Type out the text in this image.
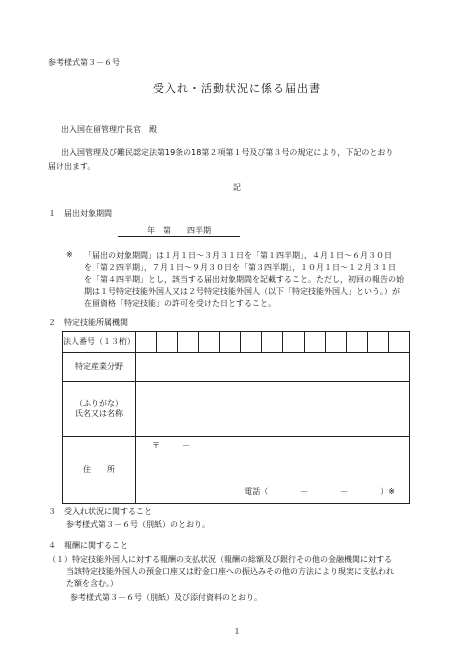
参考様式第３－６号
受入れ・活動状況に係る届出書
出入国在留管理庁長官　殿
出入国管理及び難民認定法第19条の18第２項第１号及び第３号の規定により，下記のとおり
届け出ます。
記
１　届出対象期間
年　第　　四半期
※ 「届出の対象期間」は１月１日～３月３１日を「第１四半期」，４月１日～６月３０日
を「第２四半期」，７月１日～９月３０日を「第３四半期」，１０月１日～１２月３１日
を「第４四半期」とし，該当する届出対象期間を記載すること。ただし，初回の報告の始
期は１号特定技能外国人又は２号特定技能外国人（以下「特定技能外国人」という。）が
在留資格「特定技能」の許可を受けた日とすること。
２　特定技能所属機関
法人番号（１３桁）													
特定産業分野													

（ふりがな）
氏名又は名称													

住　　所	〒 －
電話（　　　　－　　　　－　　　　）※												
３　受入れ状況に関すること
参考様式第３－６号（別紙）のとおり。
４　報酬に関すること
（１）特定技能外国人に対する報酬の支払状況（報酬の総額及び銀行その他の金融機関に対する
当該特定技能外国人の預金口座又は貯金口座への振込みその他の方法により現実に支払われ
た額を含む。）
参考様式第３－６号（別紙）及び添付資料のとおり。
１
